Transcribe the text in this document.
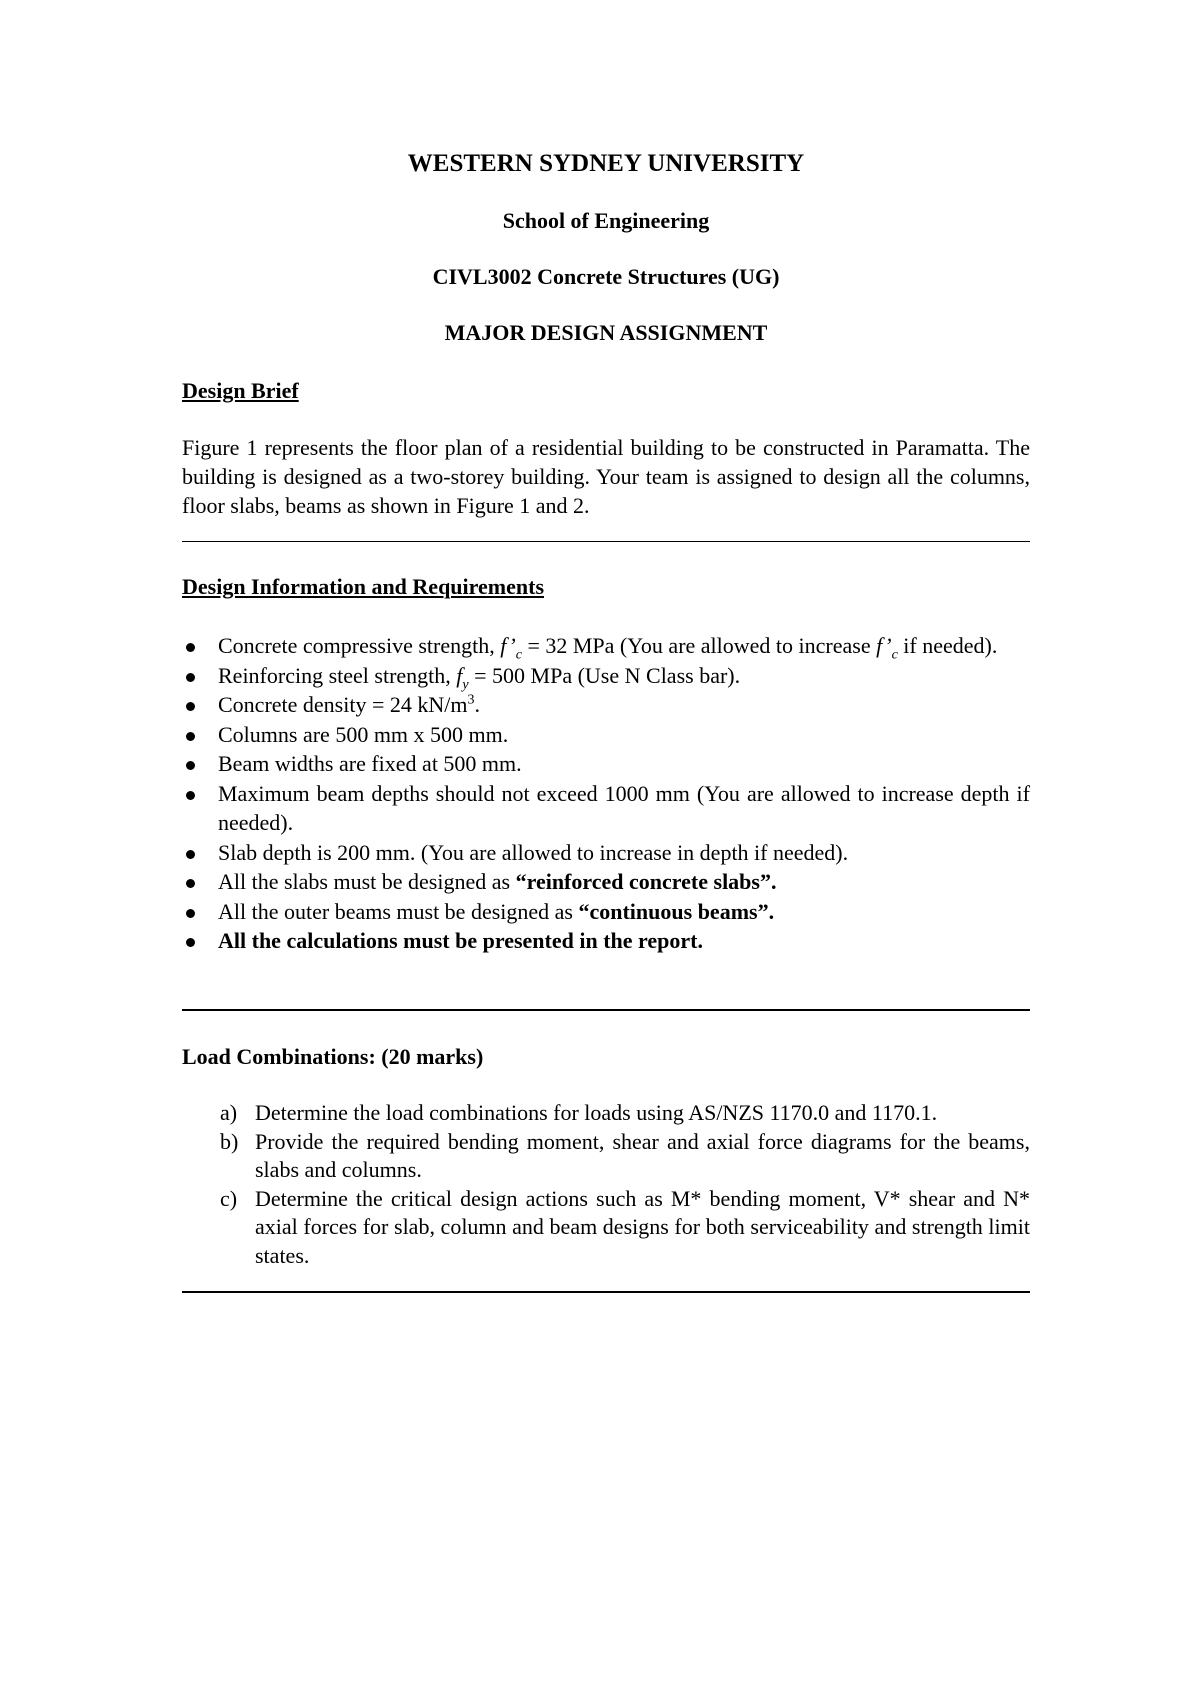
WESTERN SYDNEY UNIVERSITY
School of Engineering
CIVL3002 Concrete Structures (UG)
MAJOR DESIGN ASSIGNMENT
Design Brief

Figure 1 represents the floor plan of a residential building to be constructed in Paramatta. The building is designed as a two-storey building. Your team is assigned to design all the columns, floor slabs, beams as shown in Figure 1 and 2.

Design Information and Requirements
Concrete compressive strength, $f’_c = 32$ MPa (You are allowed to increase $f’_c$ if needed).
Reinforcing steel strength, $f_y = 500$ MPa (Use N Class bar).
Concrete density = 24 $kN/m^3$.
Columns are 500 mm x 500 mm.
Beam widths are fixed at 500 mm.
Maximum beam depths should not exceed 1000 mm (You are allowed to increase depth if needed).
Slab depth is 200 mm. (You are allowed to increase in depth if needed).
All the slabs must be designed as “reinforced concrete slabs”.
All the outer beams must be designed as “continuous beams”.
All the calculations must be presented in the report.
Load Combinations: (20 marks)
a) Determine the load combinations for loads using AS/NZS 1170.0 and 1170.1.
b) Provide the required bending moment, shear and axial force diagrams for the beams, slabs and columns.
c) Determine the critical design actions such as M* bending moment, V* shear and N* axial forces for slab, column and beam designs for both serviceability and strength limit states.
